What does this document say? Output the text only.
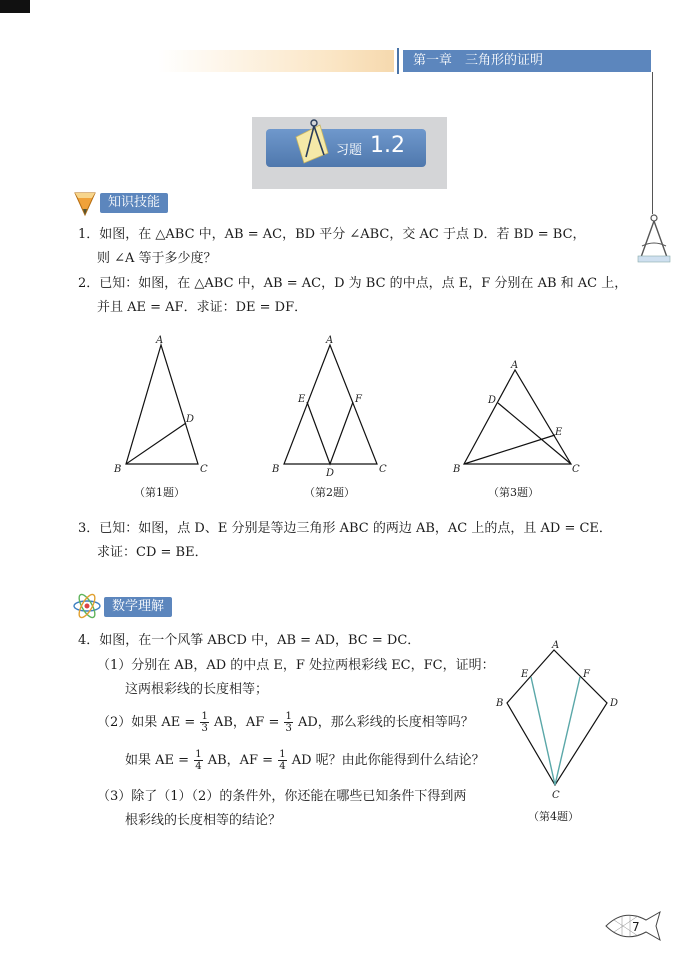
第一章　三角形的证明
习题 1.2
知识技能
1．如图，在 △ABC 中，AB = AC，BD 平分 ∠ABC，交 AC 于点 D．若 BD = BC，
则 ∠A 等于多少度？
2．已知：如图，在 △ABC 中，AB = AC，D 为 BC 的中点，点 E，F 分别在 AB 和 AC 上，
并且 AE = AF．求证：DE = DF．
A
B	C
D
（第1题）
A
B	C
D
E	F
（第2题）
A
B	C
D
E
（第3题）
3．已知：如图，点 D、E 分别是等边三角形 ABC 的两边 AB，AC 上的点，且 AD = CE．
求证：CD = BE．
数学理解
4．如图，在一个风筝 ABCD 中，AB = AD，BC = DC．
（1）分别在 AB，AD 的中点 E，F 处拉两根彩线 EC，FC，证明：
这两根彩线的长度相等；
（2）如果 AE = $\frac{1}{3}$ AB，AF = $\frac{1}{3}$ AD，那么彩线的长度相等吗？
如果 AE = $\frac{1}{4}$ AB，AF = $\frac{1}{4}$ AD 呢？由此你能得到什么结论？
（3）除了（1）（2）的条件外，你还能在哪些已知条件下得到两
根彩线的长度相等的结论？
A
B
C
D
E	F
（第4题）
7
